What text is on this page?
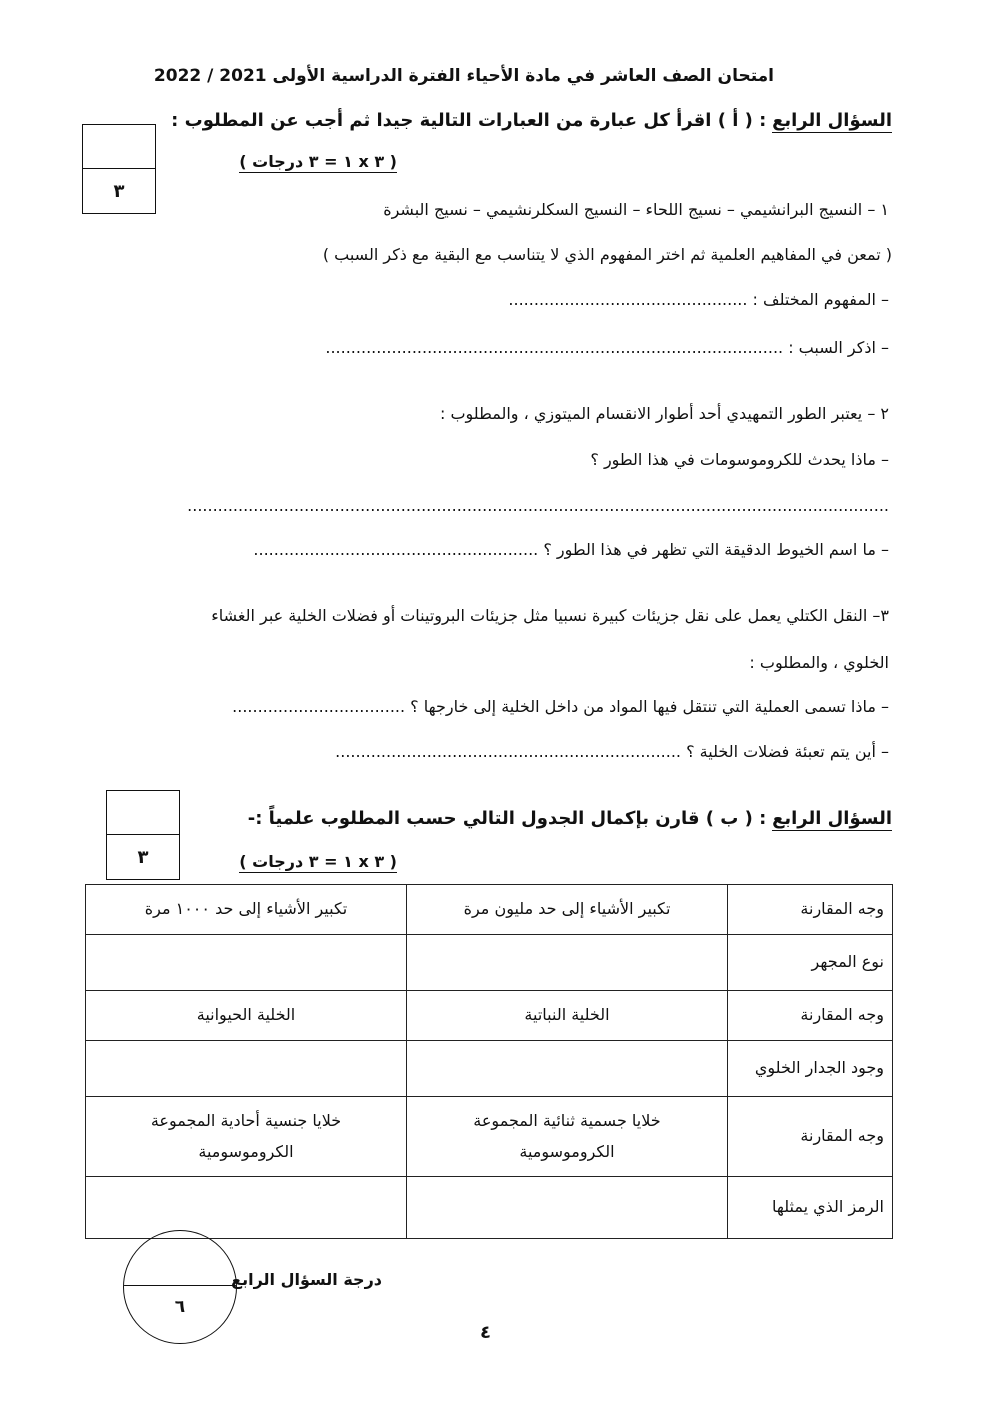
امتحان الصف العاشر في مادة الأحياء الفترة الدراسية الأولى 2021 / 2022
السؤال الرابع : ( أ ) اقرأ كل عبارة من العبارات التالية جيدا ثم أجب عن المطلوب :
( ٣ x ١ = ٣ درجات )
٣
١ – النسيج البرانشيمي – نسيج اللحاء – النسيج السكلرنشيمي – نسيج البشرة
( تمعن في المفاهيم العلمية ثم اختر المفهوم الذي لا يتناسب مع البقية مع ذكر السبب )
– المفهوم المختلف : ...............................................
– اذكر السبب : ..........................................................................................
٢ – يعتبر الطور التمهيدي أحد أطوار الانقسام الميتوزي ، والمطلوب :
– ماذا يحدث للكروموسومات في هذا الطور ؟
..........................................................................................................................................
– ما اسم الخيوط الدقيقة التي تظهر في هذا الطور ؟ ........................................................
٣– النقل الكتلي يعمل على نقل جزيئات كبيرة نسبيا مثل جزيئات البروتينات أو فضلات الخلية عبر الغشاء
الخلوي ، والمطلوب :
– ماذا تسمى العملية التي تنتقل فيها المواد من داخل الخلية إلى خارجها ؟ ..................................
– أين يتم تعبئة فضلات الخلية ؟ ....................................................................
السؤال الرابع : ( ب ) قارن بإكمال الجدول التالي حسب المطلوب علمياً :-
( ٣ x ١ = ٣ درجات )
٣
وجه المقارنة	تكبير الأشياء إلى حد مليون مرة	تكبير الأشياء إلى حد ١٠٠٠ مرة
نوع المجهر		
وجه المقارنة	الخلية النباتية	الخلية الحيوانية
وجود الجدار الخلوي		
وجه المقارنة	خلايا جسمية ثنائية المجموعة الكروموسومية	خلايا جنسية أحادية المجموعة الكروموسومية
الرمز الذي يمثلها		
٦
درجة السؤال الرابع
٤
